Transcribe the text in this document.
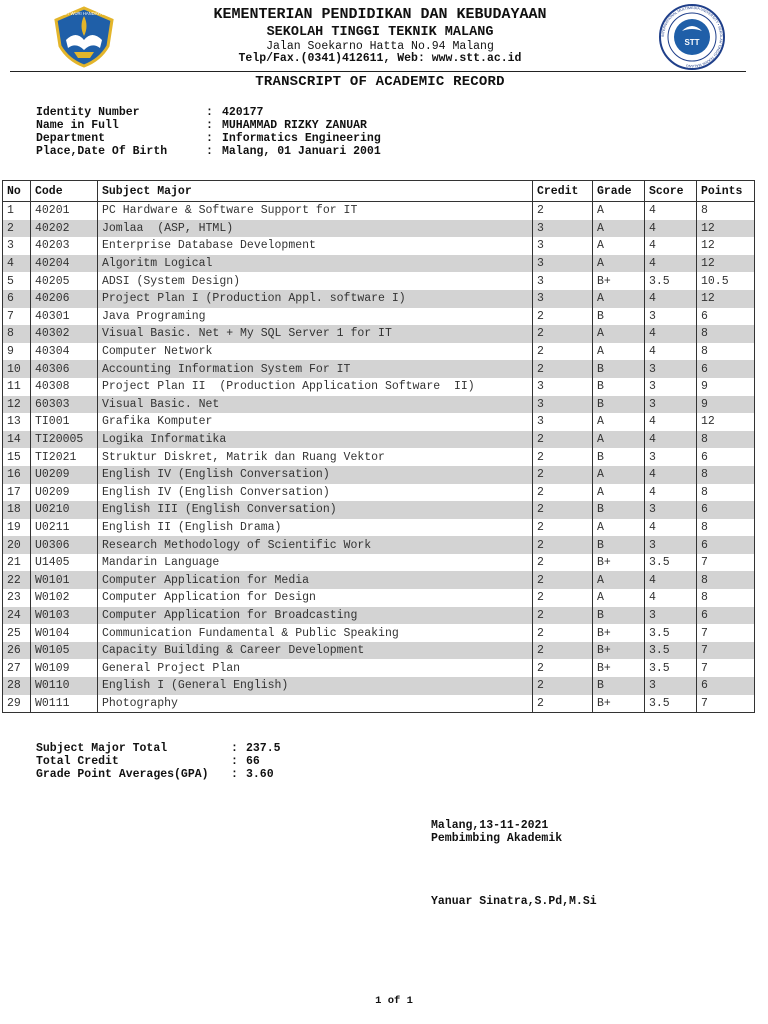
TUT WURI HANDAYANI
STT
INTERNATIONAL MULTIMEDIA UNIVERSITY • SEKOLAH TINGGI TEKNIK MALANG
KEMENTERIAN PENDIDIKAN DAN KEBUDAYAAN
SEKOLAH TINGGI TEKNIK MALANG
Jalan Soekarno Hatta No.94 Malang
Telp/Fax.(0341)412611, Web: www.stt.ac.id
TRANSCRIPT OF ACADEMIC RECORD
Identity Number	: 420177
Name in Full	: MUHAMMAD RIZKY ZANUAR
Department	: Informatics Engineering
Place,Date Of Birth	: Malang, 01 Januari 2001
No	Code	Subject Major	Credit	Grade	Score	Points
1	40201	PC Hardware & Software Support for IT	2	A	4	8
2	40202	Jomlaa  (ASP, HTML)	3	A	4	12
3	40203	Enterprise Database Development	3	A	4	12
4	40204	Algoritm Logical	3	A	4	12
5	40205	ADSI (System Design)	3	B+	3.5	10.5
6	40206	Project Plan I (Production Appl. software I)	3	A	4	12
7	40301	Java Programing	2	B	3	6
8	40302	Visual Basic. Net + My SQL Server 1 for IT	2	A	4	8
9	40304	Computer Network	2	A	4	8
10	40306	Accounting Information System For IT	2	B	3	6
11	40308	Project Plan II  (Production Application Software  II)	3	B	3	9
12	60303	Visual Basic. Net	3	B	3	9
13	TI001	Grafika Komputer	3	A	4	12
14	TI20005	Logika Informatika	2	A	4	8
15	TI2021	Struktur Diskret, Matrik dan Ruang Vektor	2	B	3	6
16	U0209	English IV (English Conversation)	2	A	4	8
17	U0209	English IV (English Conversation)	2	A	4	8
18	U0210	English III (English Conversation)	2	B	3	6
19	U0211	English II (English Drama)	2	A	4	8
20	U0306	Research Methodology of Scientific Work	2	B	3	6
21	U1405	Mandarin Language	2	B+	3.5	7
22	W0101	Computer Application for Media	2	A	4	8
23	W0102	Computer Application for Design	2	A	4	8
24	W0103	Computer Application for Broadcasting	2	B	3	6
25	W0104	Communication Fundamental & Public Speaking	2	B+	3.5	7
26	W0105	Capacity Building & Career Development	2	B+	3.5	7
27	W0109	General Project Plan	2	B+	3.5	7
28	W0110	English I (General English)	2	B	3	6
29	W0111	Photography	2	B+	3.5	7
Subject Major Total	: 237.5
Total Credit	: 66
Grade Point Averages(GPA)	: 3.60
Malang,13-11-2021
Pembimbing Akademik
Yanuar Sinatra,S.Pd,M.Si
1 of 1
